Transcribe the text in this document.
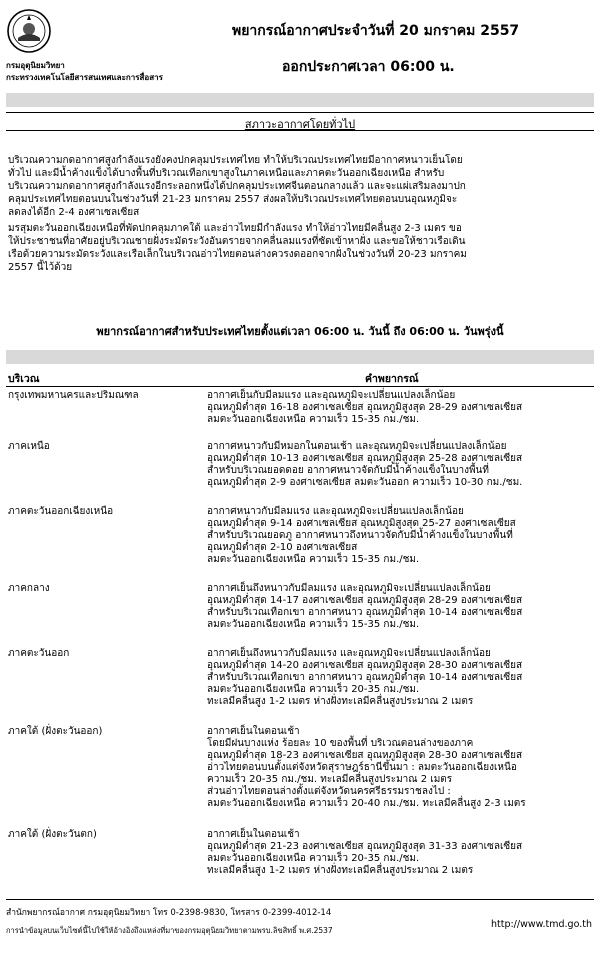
กรมอุตุนิยมวิทยา
กระทรวงเทคโนโลยีสารสนเทศและการสื่อสาร
พยากรณ์อากาศประจำวันที่ 20 มกราคม 2557
ออกประกาศเวลา 06:00 น.
สภาวะอากาศโดยทั่วไป

บริเวณความกดอากาศสูงกำลังแรงยังคงปกคลุมประเทศไทย ทำให้บริเวณประเทศไทยมีอากาศหนาวเย็นโดย

ทั่วไป และมีน้ำค้างแข็งได้บางพื้นที่บริเวณเทือกเขาสูงในภาคเหนือและภาคตะวันออกเฉียงเหนือ สำหรับ

บริเวณความกดอากาศสูงกำลังแรงอีกระลอกหนึ่งได้ปกคลุมประเทศจีนตอนกลางแล้ว และจะแผ่เสริมลงมาปก

คลุมประเทศไทยตอนบนในช่วงวันที่ 21-23 มกราคม 2557 ส่งผลให้บริเวณประเทศไทยตอนบนอุณหภูมิจะ

ลดลงได้อีก 2-4 องศาเซลเซียส

มรสุมตะวันออกเฉียงเหนือที่พัดปกคลุมภาคใต้ และอ่าวไทยมีกำลังแรง ทำให้อ่าวไทยมีคลื่นสูง 2-3 เมตร ขอ

ให้ประชาชนที่อาศัยอยู่บริเวณชายฝั่งระมัดระวังอันตรายจากคลื่นลมแรงที่ซัดเข้าหาฝั่ง และขอให้ชาวเรือเดิน

เรือด้วยความระมัดระวังและเรือเล็กในบริเวณอ่าวไทยตอนล่างควรงดออกจากฝั่งในช่วงวันที่ 20-23 มกราคม

2557 นี้ไว้ด้วย

พยากรณ์อากาศสำหรับประเทศไทยตั้งแต่เวลา 06:00 น. วันนี้ ถึง 06:00 น. วันพรุ่งนี้
บริเวณ	คำพยากรณ์
กรุงเทพมหานครและปริมณฑล	อากาศเย็นกับมีลมแรง และอุณหภูมิจะเปลี่ยนแปลงเล็กน้อย
อุณหภูมิต่ำสุด 16-18 องศาเซลเซียส อุณหภูมิสูงสุด 28-29 องศาเซลเซียส
ลมตะวันออกเฉียงเหนือ ความเร็ว 15-35 กม./ชม.
ภาคเหนือ	อากาศหนาวกับมีหมอกในตอนเช้า และอุณหภูมิจะเปลี่ยนแปลงเล็กน้อย
อุณหภูมิต่ำสุด 10-13 องศาเซลเซียส อุณหภูมิสูงสุด 25-28 องศาเซลเซียส
สำหรับบริเวณยอดดอย อากาศหนาวจัดกับมีน้ำค้างแข็งในบางพื้นที่
อุณหภูมิต่ำสุด 2-9 องศาเซลเซียส ลมตะวันออก ความเร็ว 10-30 กม./ชม.
ภาคตะวันออกเฉียงเหนือ	อากาศหนาวกับมีลมแรง และอุณหภูมิจะเปลี่ยนแปลงเล็กน้อย
อุณหภูมิต่ำสุด 9-14 องศาเซลเซียส อุณหภูมิสูงสุด 25-27 องศาเซลเซียส
สำหรับบริเวณยอดภู อากาศหนาวถึงหนาวจัดกับมีน้ำค้างแข็งในบางพื้นที่
อุณหภูมิต่ำสุด 2-10 องศาเซลเซียส
ลมตะวันออกเฉียงเหนือ ความเร็ว 15-35 กม./ชม.
ภาคกลาง	อากาศเย็นถึงหนาวกับมีลมแรง และอุณหภูมิจะเปลี่ยนแปลงเล็กน้อย
อุณหภูมิต่ำสุด 14-17 องศาเซลเซียส อุณหภูมิสูงสุด 28-29 องศาเซลเซียส
สำหรับบริเวณเทือกเขา อากาศหนาว อุณหภูมิต่ำสุด 10-14 องศาเซลเซียส
ลมตะวันออกเฉียงเหนือ ความเร็ว 15-35 กม./ชม.
ภาคตะวันออก	อากาศเย็นถึงหนาวกับมีลมแรง และอุณหภูมิจะเปลี่ยนแปลงเล็กน้อย
อุณหภูมิต่ำสุด 14-20 องศาเซลเซียส อุณหภูมิสูงสุด 28-30 องศาเซลเซียส
สำหรับบริเวณเทือกเขา อากาศหนาว อุณหภูมิต่ำสุด 10-14 องศาเซลเซียส
ลมตะวันออกเฉียงเหนือ ความเร็ว 20-35 กม./ชม.
ทะเลมีคลื่นสูง 1-2 เมตร ห่างฝั่งทะเลมีคลื่นสูงประมาณ 2 เมตร
ภาคใต้ (ฝั่งตะวันออก)	อากาศเย็นในตอนเช้า
โดยมีฝนบางแห่ง ร้อยละ 10 ของพื้นที่ บริเวณตอนล่างของภาค
อุณหภูมิต่ำสุด 18-23 องศาเซลเซียส อุณหภูมิสูงสุด 28-30 องศาเซลเซียส
อ่าวไทยตอนบนตั้งแต่จังหวัดสุราษฎร์ธานีขึ้นมา : ลมตะวันออกเฉียงเหนือ
ความเร็ว 20-35 กม./ชม. ทะเลมีคลื่นสูงประมาณ 2 เมตร
ส่วนอ่าวไทยตอนล่างตั้งแต่จังหวัดนครศรีธรรมราชลงไป :
ลมตะวันออกเฉียงเหนือ ความเร็ว 20-40 กม./ชม. ทะเลมีคลื่นสูง 2-3 เมตร
ภาคใต้ (ฝั่งตะวันตก)	อากาศเย็นในตอนเช้า
อุณหภูมิต่ำสุด 21-23 องศาเซลเซียส อุณหภูมิสูงสุด 31-33 องศาเซลเซียส
ลมตะวันออกเฉียงเหนือ ความเร็ว 20-35 กม./ชม.
ทะเลมีคลื่นสูง 1-2 เมตร ห่างฝั่งทะเลมีคลื่นสูงประมาณ 2 เมตร
สำนักพยากรณ์อากาศ กรมอุตุนิยมวิทยา โทร 0-2398-9830, โทรสาร 0-2399-4012-14
การนำข้อมูลบนเว็บไซต์นี้ไปใช้ให้อ้างอิงถึงแหล่งที่มาของกรมอุตุนิยมวิทยาตามพรบ.ลิขสิทธิ์ พ.ศ.2537
http://www.tmd.go.th
